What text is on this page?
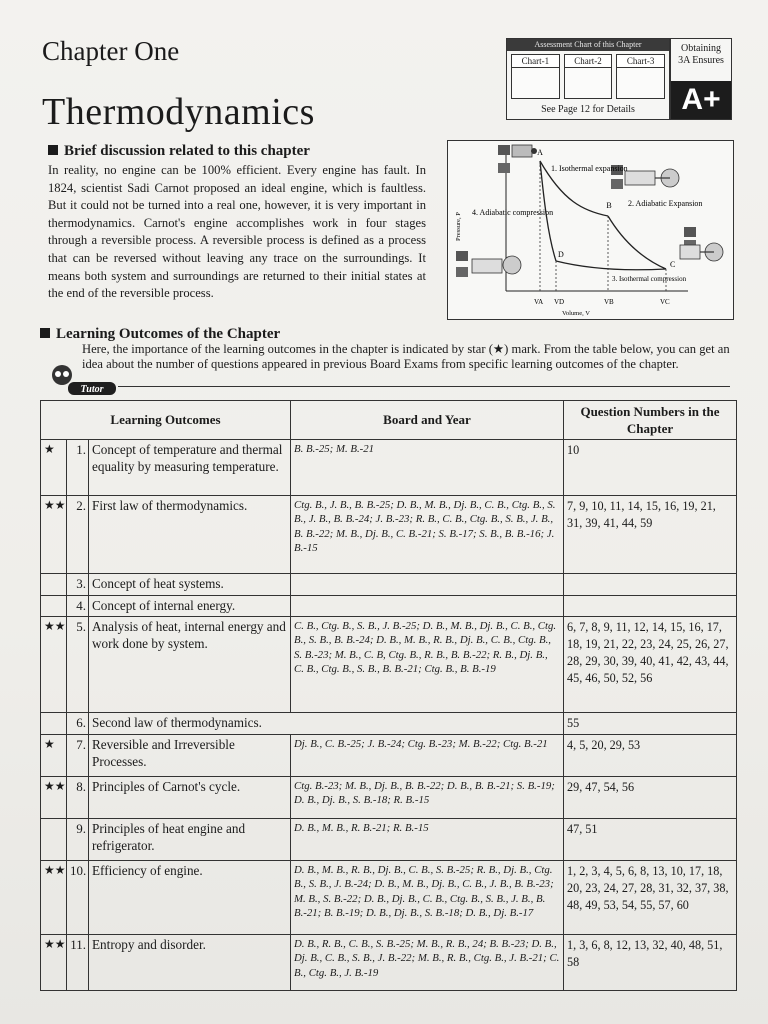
Chapter One
Thermodynamics
Assessment Chart of this Chapter
Chart-1	Chart-2	Chart-3
See Page 12 for Details
Obtaining
3A Ensures
A+
Brief discussion related to this chapter
In reality, no engine can be 100% efficient. Every engine has fault. In 1824, scientist Sadi Carnot proposed an ideal engine, which is faultless. But it could not be turned into a real one, however, it is very important in thermodynamics. Carnot's engine accomplishes work in four stages through a reversible process. A reversible process is defined as a process that can be reversed without leaving any trace on the surroundings. It means both system and surroundings are returned to their initial states at the end of the reversible process.
A
B
C
D
1. Isothermal expansion
2. Adiabatic Expansion
3. Isothermal compression
4. Adiabatic compression
VA VD	VB	VC
Volume, V
Pressure, P
Learning Outcomes of the Chapter
Here, the importance of the learning outcomes in the chapter is indicated by star (★) mark. From the table below, you can get an idea about the number of questions appeared in previous Board Exams from specific learning outcomes of the chapter.
Tutor
Learning Outcomes			Board and Year	Question Numbers in the Chapter
★	1.	Concept of temperature and thermal equality by measuring temperature.	B. B.-25; M. B.-21	10
★★	2.	First law of thermodynamics.	Ctg. B., J. B., B. B.-25; D. B., M. B., Dj. B., C. B., Ctg. B., S. B., J. B., B. B.-24; J. B.-23; R. B., C. B., Ctg. B., S. B., J. B., B. B.-22; M. B., Dj. B., C. B.-21; S. B.-17; S. B., B. B.-16; J. B.-15	7, 9, 10, 11, 14, 15, 16, 19, 21, 31, 39, 41, 44, 59
	3.	Concept of heat systems.		
	4.	Concept of internal energy.		
★★	5.	Analysis of heat, internal energy and work done by system.	C. B., Ctg. B., S. B., J. B.-25; D. B., M. B., Dj. B., C. B., Ctg. B., S. B., B. B.-24; D. B., M. B., R. B., Dj. B., C. B., Ctg. B., S. B.-23; M. B., C. B, Ctg. B., R. B., B. B.-22; R. B., Dj. B., C. B., Ctg. B., S. B., B. B.-21; Ctg. B., B. B.-19	6, 7, 8, 9, 11, 12, 14, 15, 16, 17, 18, 19, 21, 22, 23, 24, 25, 26, 27, 28, 29, 30, 39, 40, 41, 42, 43, 44, 45, 46, 50, 52, 56
	6.	Second law of thermodynamics.		55
★	7.	Reversible and Irreversible Processes.	Dj. B., C. B.-25; J. B.-24; Ctg. B.-23; M. B.-22; Ctg. B.-21	4, 5, 20, 29, 53
★★	8.	Principles of Carnot's cycle.	Ctg. B.-23; M. B., Dj. B., B. B.-22; D. B., B. B.-21; S. B.-19; D. B., Dj. B., S. B.-18; R. B.-15	29, 47, 54, 56
	9.	Principles of heat engine and refrigerator.	D. B., M. B., R. B.-21; R. B.-15	47, 51
★★	10.	Efficiency of engine.	D. B., M. B., R. B., Dj. B., C. B., S. B.-25; R. B., Dj. B., Ctg. B., S. B., J. B.-24; D. B., M. B., Dj. B., C. B., J. B., B. B.-23; M. B., S. B.-22; D. B., Dj. B., C. B., Ctg. B., S. B., J. B., B. B.-21; B. B.-19; D. B., Dj. B., S. B.-18; D. B., Dj. B.-17	1, 2, 3, 4, 5, 6, 8, 13, 10, 17, 18, 20, 23, 24, 27, 28, 31, 32, 37, 38, 48, 49, 53, 54, 55, 57, 60
★★	11.	Entropy and disorder.	D. B., R. B., C. B., S. B.-25; M. B., R. B., 24; B. B.-23; D. B., Dj. B., C. B., S. B., J. B.-22; M. B., R. B., Ctg. B., J. B.-21; C. B., Ctg. B., J. B.-19	1, 3, 6, 8, 12, 13, 32, 40, 48, 51, 58
